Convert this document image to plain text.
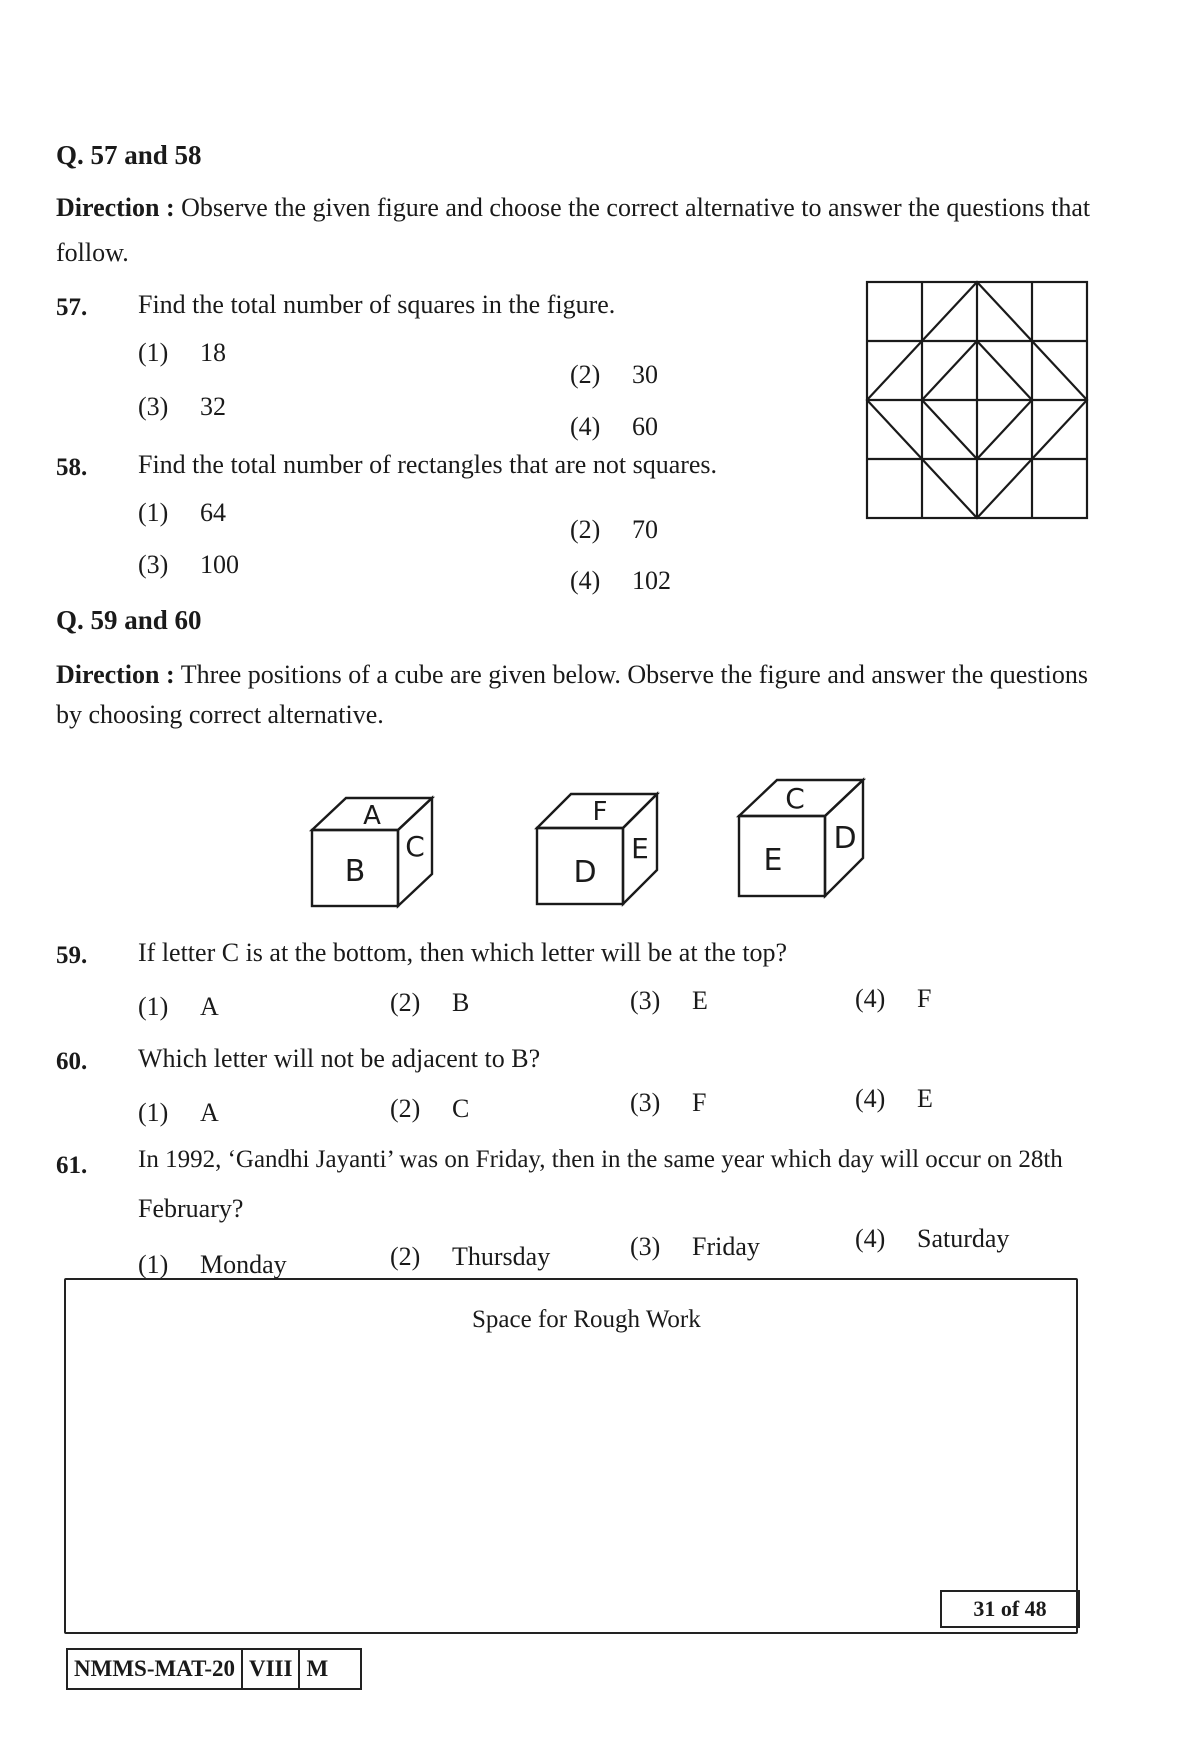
Q. 57 and 58
Direction : Observe the given figure and choose the correct alternative to answer the questions that
follow.
57. Find the total number of squares in the figure.
(1) 18
(2) 30
(3) 32
(4) 60
58. Find the total number of rectangles that are not squares.
(1) 64
(2) 70
(3) 100
(4) 102
Q. 59 and 60
Direction : Three positions of a cube are given below. Observe the figure and answer the questions
by choosing correct alternative.
A
B
C
F
D
E
C
E
D
59. If letter C is at the bottom, then which letter will be at the top?
(1) A	(2) B	(3) E	(4) F
60. Which letter will not be adjacent to B?
(1) A	(2) C	(3) F	(4) E
61. In 1992, ‘Gandhi Jayanti’ was on Friday, then in the same year which day will occur on 28th
February?
(1) Monday	(2) Thursday	(3) Friday	(4) Saturday
Space for Rough Work
31 of 48
NMMS-MAT-20 VIII M
